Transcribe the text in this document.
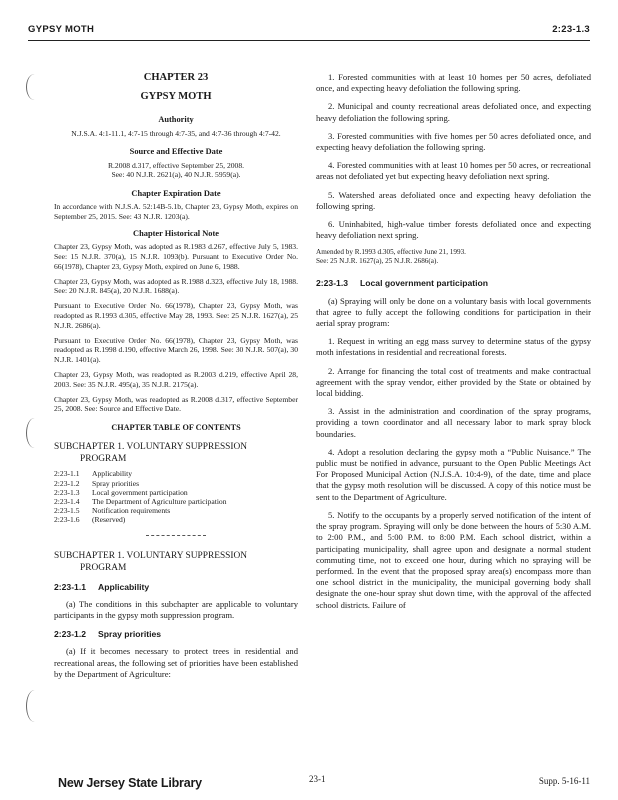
GYPSY MOTH	2:23-1.3
CHAPTER 23
GYPSY MOTH
Authority
N.J.S.A. 4:1-11.1, 4:7-15 through 4:7-35, and 4:7-36 through 4:7-42.
Source and Effective Date
R.2008 d.317, effective September 25, 2008.
See: 40 N.J.R. 2621(a), 40 N.J.R. 5959(a).
Chapter Expiration Date
In accordance with N.J.S.A. 52:14B-5.1b, Chapter 23, Gypsy Moth, expires on September 25, 2015. See: 43 N.J.R. 1203(a).
Chapter Historical Note
Chapter 23, Gypsy Moth, was adopted as R.1983 d.267, effective July 5, 1983. See: 15 N.J.R. 370(a), 15 N.J.R. 1093(b). Pursuant to Executive Order No. 66(1978), Chapter 23, Gypsy Moth, expired on June 6, 1988.
Chapter 23, Gypsy Moth, was adopted as R.1988 d.323, effective July 18, 1988. See: 20 N.J.R. 845(a), 20 N.J.R. 1688(a).
Pursuant to Executive Order No. 66(1978), Chapter 23, Gypsy Moth, was readopted as R.1993 d.305, effective May 28, 1993. See: 25 N.J.R. 1627(a), 25 N.J.R. 2686(a).
Pursuant to Executive Order No. 66(1978), Chapter 23, Gypsy Moth, was readopted as R.1998 d.190, effective March 26, 1998. See: 30 N.J.R. 507(a), 30 N.J.R. 1401(a).
Chapter 23, Gypsy Moth, was readopted as R.2003 d.219, effective April 28, 2003. See: 35 N.J.R. 495(a), 35 N.J.R. 2175(a).
Chapter 23, Gypsy Moth, was readopted as R.2008 d.317, effective September 25, 2008. See: Source and Effective Date.
CHAPTER TABLE OF CONTENTS
SUBCHAPTER 1. VOLUNTARY SUPPRESSION
PROGRAM
2:23-1.1	Applicability
2:23-1.2	Spray priorities
2:23-1.3	Local government participation
2:23-1.4	The Department of Agriculture participation
2:23-1.5	Notification requirements
2:23-1.6	(Reserved)
SUBCHAPTER 1. VOLUNTARY SUPPRESSION
PROGRAM
2:23-1.1 Applicability

(a) The conditions in this subchapter are applicable to voluntary participants in the gypsy moth suppression program.

2:23-1.2 Spray priorities

(a) If it becomes necessary to protect trees in residential and recreational areas, the following set of priorities have been established by the Department of Agriculture:

1. Forested communities with at least 10 homes per 50 acres, defoliated once, and expecting heavy defoliation the following spring.

2. Municipal and county recreational areas defoliated once, and expecting heavy defoliation the following spring.

3. Forested communities with five homes per 50 acres defoliated once, and expecting heavy defoliation the following spring.

4. Forested communities with at least 10 homes per 50 acres, or recreational areas not defoliated yet but expecting heavy defoliation next spring.

5. Watershed areas defoliated once and expecting heavy defoliation the following spring.

6. Uninhabited, high-value timber forests defoliated once and expecting heavy defoliation next spring.

Amended by R.1993 d.305, effective June 21, 1993.
See: 25 N.J.R. 1627(a), 25 N.J.R. 2686(a).
2:23-1.3 Local government participation

(a) Spraying will only be done on a voluntary basis with local governments that agree to fully accept the following conditions for participation in their aerial spray program:

1. Request in writing an egg mass survey to determine status of the gypsy moth infestations in residential and recreational forests.

2. Arrange for financing the total cost of treatments and make contractual agreement with the spray vendor, either provided by the State or obtained by local bidding.

3. Assist in the administration and coordination of the spray programs, providing a town coordinator and all necessary labor to mark spray block boundaries.

4. Adopt a resolution declaring the gypsy moth a “Public Nuisance.” The public must be notified in advance, pursuant to the Open Public Meetings Act For Proposed Municipal Action (N.J.S.A. 10:4-9), of the date, time and place that the gypsy moth resolution will be discussed. A copy of this notice must be sent to the Department of Agriculture.

5. Notify to the occupants by a properly served notification of the intent of the spray program. Spraying will only be done between the hours of 5:30 A.M. to 2:00 P.M., and 5:00 P.M. to 8:00 P.M. Each school district, within a participating municipality, shall agree upon and designate a normal student commuting time, not to exceed one hour, during which no spraying will be performed. In the event that the proposed spray area(s) encompass more than one school district in the municipality, the municipal governing body shall designate the one-hour spray shut down time, with the approval of the affected school districts. Failure of

New Jersey State Library	23-1	Supp. 5-16-11
